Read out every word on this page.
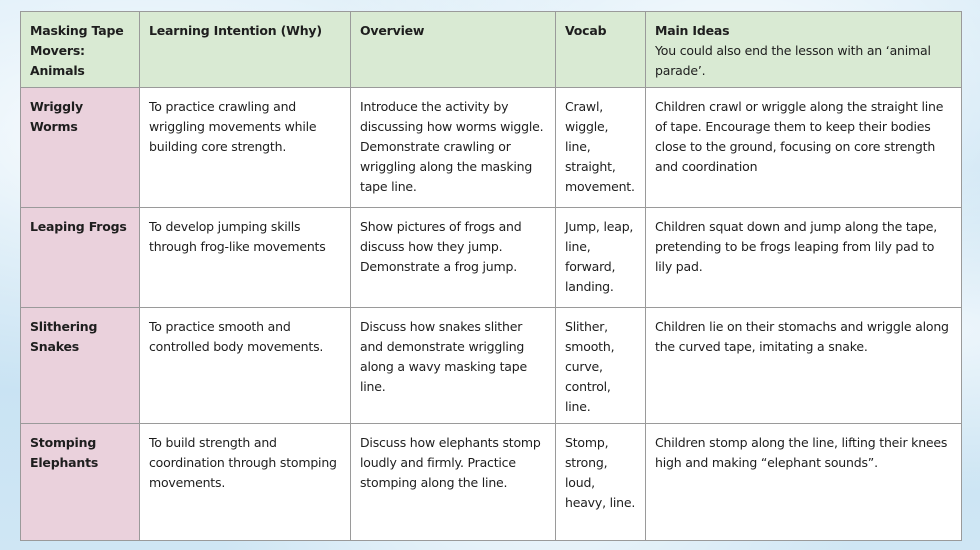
Masking Tape Movers: Animals	Learning Intention (Why)	Overview	Vocab	Main Ideas
You could also end the lesson with an ‘animal parade’.

Wriggly Worms	To practice crawling and wriggling movements while building core strength.	Introduce the activity by discussing how worms wiggle. Demonstrate crawling or wriggling along the masking tape line.	Crawl, wiggle, line, straight, movement.	Children crawl or wriggle along the straight line of tape. Encourage them to keep their bodies close to the ground, focusing on core strength and coordination
Leaping Frogs	To develop jumping skills through frog-like movements	Show pictures of frogs and discuss how they jump. Demonstrate a frog jump.	Jump, leap, line, forward, landing.	Children squat down and jump along the tape, pretending to be frogs leaping from lily pad to lily pad.
Slithering Snakes	To practice smooth and controlled body movements.	Discuss how snakes slither and demonstrate wriggling along a wavy masking tape line.	Slither, smooth, curve, control, line.	Children lie on their stomachs and wriggle along the curved tape, imitating a snake.
Stomping Elephants	To build strength and coordination through stomping movements.	Discuss how elephants stomp loudly and firmly. Practice stomping along the line.	Stomp, strong, loud, heavy, line.	Children stomp along the line, lifting their knees high and making “elephant sounds”.
